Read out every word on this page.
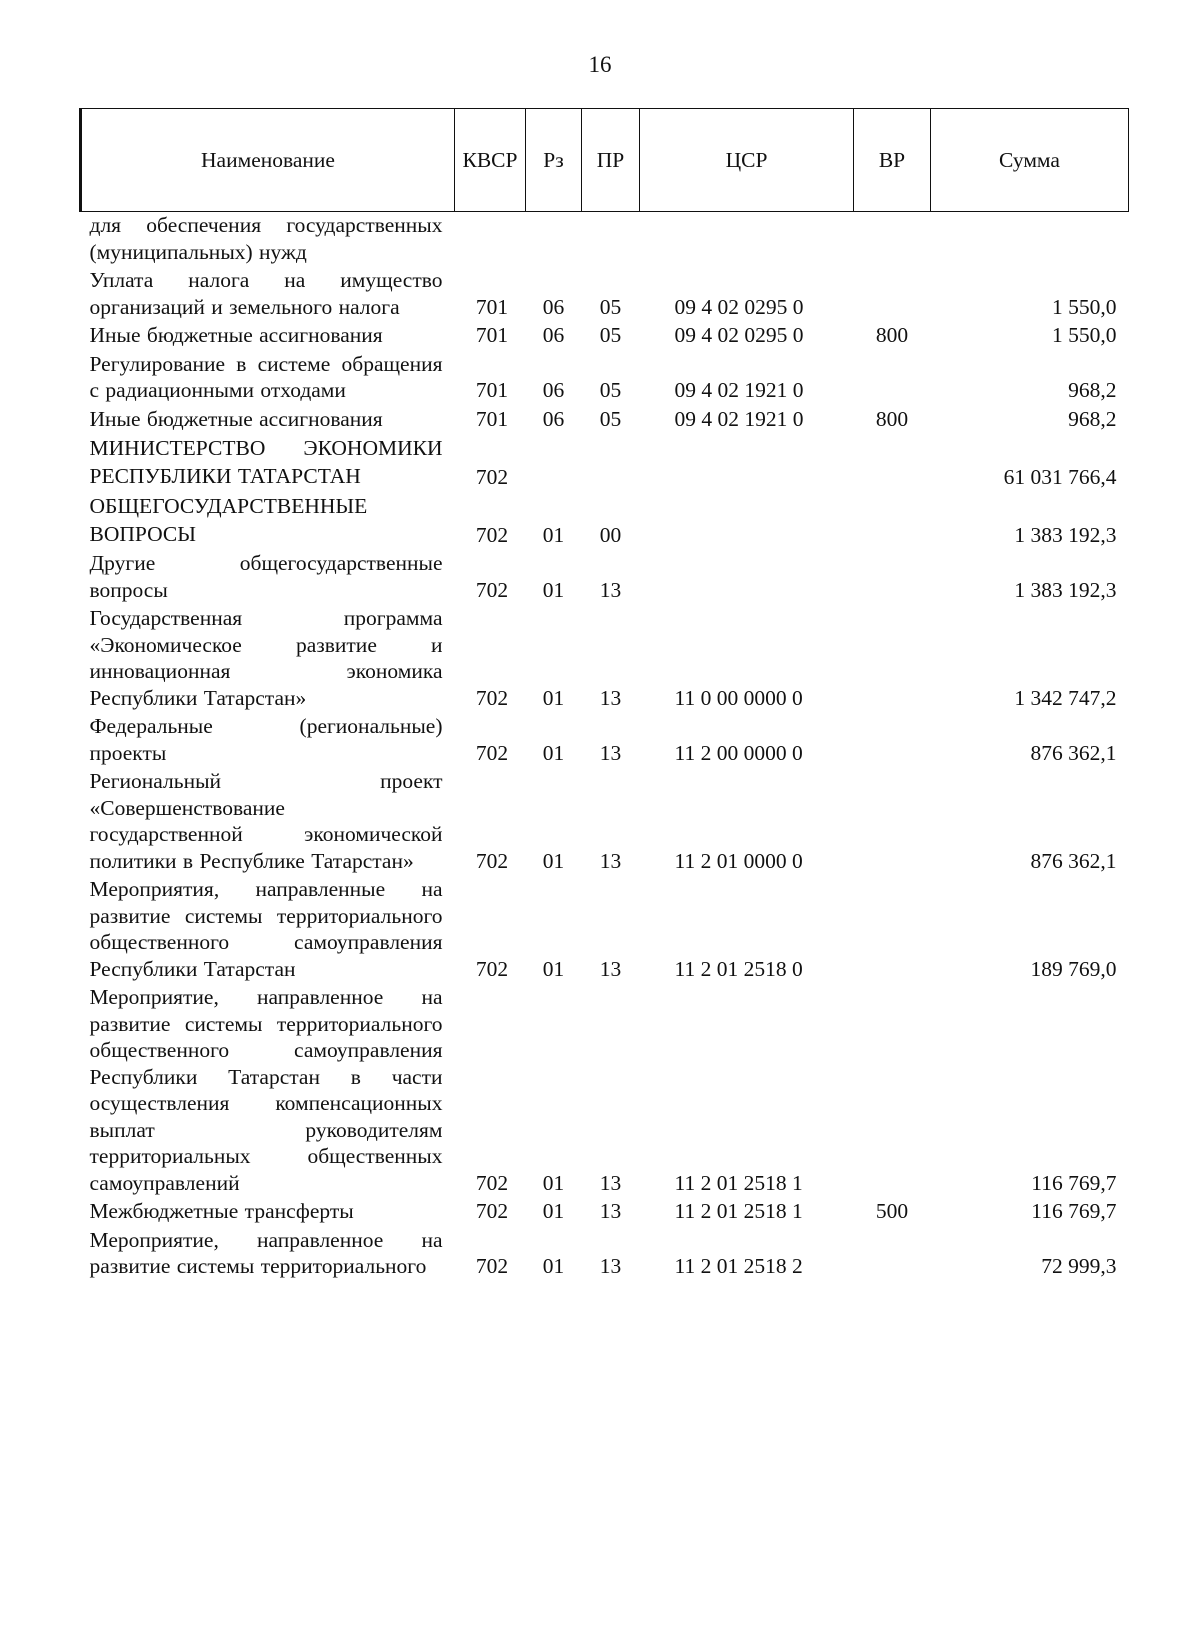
16
Наименование	КВСР	Рз	ПР	ЦСР	ВР	Сумма
для обеспечения государственных (муниципальных) нужд						
Уплата налога на имущество организаций и земельного налога	701	06	05	09 4 02 0295 0		1 550,0
Иные бюджетные ассигнования	701	06	05	09 4 02 0295 0	800	1 550,0
Регулирование в системе обращения с радиационными отходами	701	06	05	09 4 02 1921 0		968,2
Иные бюджетные ассигнования	701	06	05	09 4 02 1921 0	800	968,2
МИНИСТЕРСТВО ЭКОНОМИКИ РЕСПУБЛИКИ ТАТАРСТАН	702					61 031 766,4
ОБЩЕГОСУДАРСТВЕННЫЕ ВОПРОСЫ	702	01	00			1 383 192,3
Другие общегосударственные вопросы	702	01	13			1 383 192,3
Государственная программа «Экономическое развитие и инновационная экономика Республики Татарстан»	702	01	13	11 0 00 0000 0		1 342 747,2
Федеральные (региональные) проекты	702	01	13	11 2 00 0000 0		876 362,1
Региональный проект «Совершенствование государственной экономической политики в Республике Татарстан»	702	01	13	11 2 01 0000 0		876 362,1
Мероприятия, направленные на развитие системы территориального общественного самоуправления Республики Татарстан	702	01	13	11 2 01 2518 0		189 769,0
Мероприятие, направленное на развитие системы территориального общественного самоуправления Республики Татарстан в части осуществления компенсационных выплат руководителям территориальных общественных самоуправлений	702	01	13	11 2 01 2518 1		116 769,7
Межбюджетные трансферты	702	01	13	11 2 01 2518 1	500	116 769,7
Мероприятие, направленное на развитие системы территориального	702	01	13	11 2 01 2518 2		72 999,3
